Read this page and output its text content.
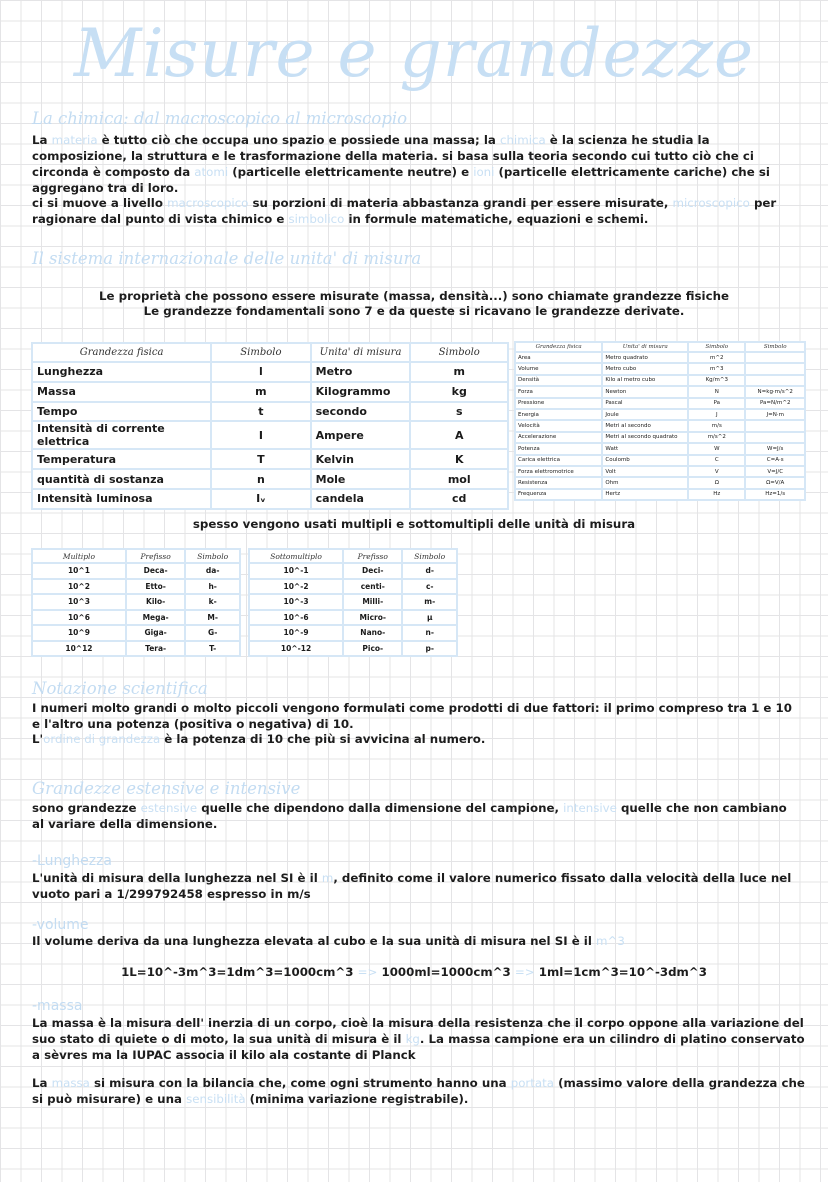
Misure e grandezze
La chimica: dal macroscopico al microscopio
La materia è tutto ciò che occupa uno spazio e possiede una massa; la chimica è la scienza he studia la composizione, la struttura e le trasformazione della materia. si basa sulla teoria secondo cui tutto ciò che ci circonda è composto da atomi (particelle elettricamente neutre) e ioni (particelle elettricamente cariche) che si aggregano tra di loro.
ci si muove a livello macroscopico su porzioni di materia abbastanza grandi per essere misurate, microscopico per ragionare dal punto di vista chimico e simbolico in formule matematiche, equazioni e schemi.
Il sistema internazionale delle unita' di misura
Le proprietà che possono essere misurate (massa, densità...) sono chiamate grandezze fisiche
Le grandezze fondamentali sono 7 e da queste si ricavano le grandezze derivate.
Grandezza fisica	Simbolo	Unita' di misura	Simbolo
Lunghezza	l	Metro	m
Massa	m	Kilogrammo	kg
Tempo	t	secondo	s
Intensità di corrente elettrica	I	Ampere	A
Temperatura	T	Kelvin	K
quantità di sostanza	n	Mole	mol
Intensità luminosa	Iᵥ	candela	cd
Grandezza fisica	Unita' di misura	Simbolo	Simbolo
Area	Metro quadrato	m^2	
Volume	Metro cubo	m^3	
Densità	Kilo al metro cubo	Kg/m^3	
Forza	Newton	N	N=kg·m/s^2
Pressione	Pascal	Pa	Pa=N/m^2
Energia	Joule	J	J=N·m
Velocità	Metri al secondo	m/s	
Accelerazione	Metri al secondo quadrato	m/s^2	
Potenza	Watt	W	W=J/s
Carica elettrica	Coulomb	C	C=A·s
Forza elettromotrice	Volt	V	V=J/C
Resistenza	Ohm	Ω	Ω=V/A
Frequenza	Hertz	Hz	Hz=1/s
spesso vengono usati multipli e sottomultipli delle unità di misura
Multiplo	Prefisso	Simbolo
10^1	Deca-	da-
10^2	Etto-	h-
10^3	Kilo-	k-
10^6	Mega-	M-
10^9	Giga-	G-
10^12	Tera-	T-
Sottomultiplo	Prefisso	Simbolo
10^-1	Deci-	d-
10^-2	centi-	c-
10^-3	Milli-	m-
10^-6	Micro-	μ
10^-9	Nano-	n-
10^-12	Pico-	p-
Notazione scientifica
I numeri molto grandi o molto piccoli vengono formulati come prodotti di due fattori: il primo compreso tra 1 e 10 e l'altro una potenza (positiva o negativa) di 10.
L'ordine di grandezza è la potenza di 10 che più si avvicina al numero.
Grandezze estensive e intensive
sono grandezze estensive quelle che dipendono dalla dimensione del campione, intensive quelle che non cambiano al variare della dimensione.
-Lunghezza
L'unità di misura della lunghezza nel SI è il m, definito come il valore numerico fissato dalla velocità della luce nel vuoto pari a 1/299792458 espresso in m/s
-volume
Il volume deriva da una lunghezza elevata al cubo e la sua unità di misura nel SI è il m^3
1L=10^-3m^3=1dm^3=1000cm^3 => 1000ml=1000cm^3 => 1ml=1cm^3=10^-3dm^3
-massa
La massa è la misura dell' inerzia di un corpo, cioè la misura della resistenza che il corpo oppone alla variazione del suo stato di quiete o di moto, la sua unità di misura è il kg. La massa campione era un cilindro di platino conservato a sèvres ma la IUPAC associa il kilo ala costante di Planck
La massa si misura con la bilancia che, come ogni strumento hanno una portata (massimo valore della grandezza che si può misurare) e una sensibilità (minima variazione registrabile).
